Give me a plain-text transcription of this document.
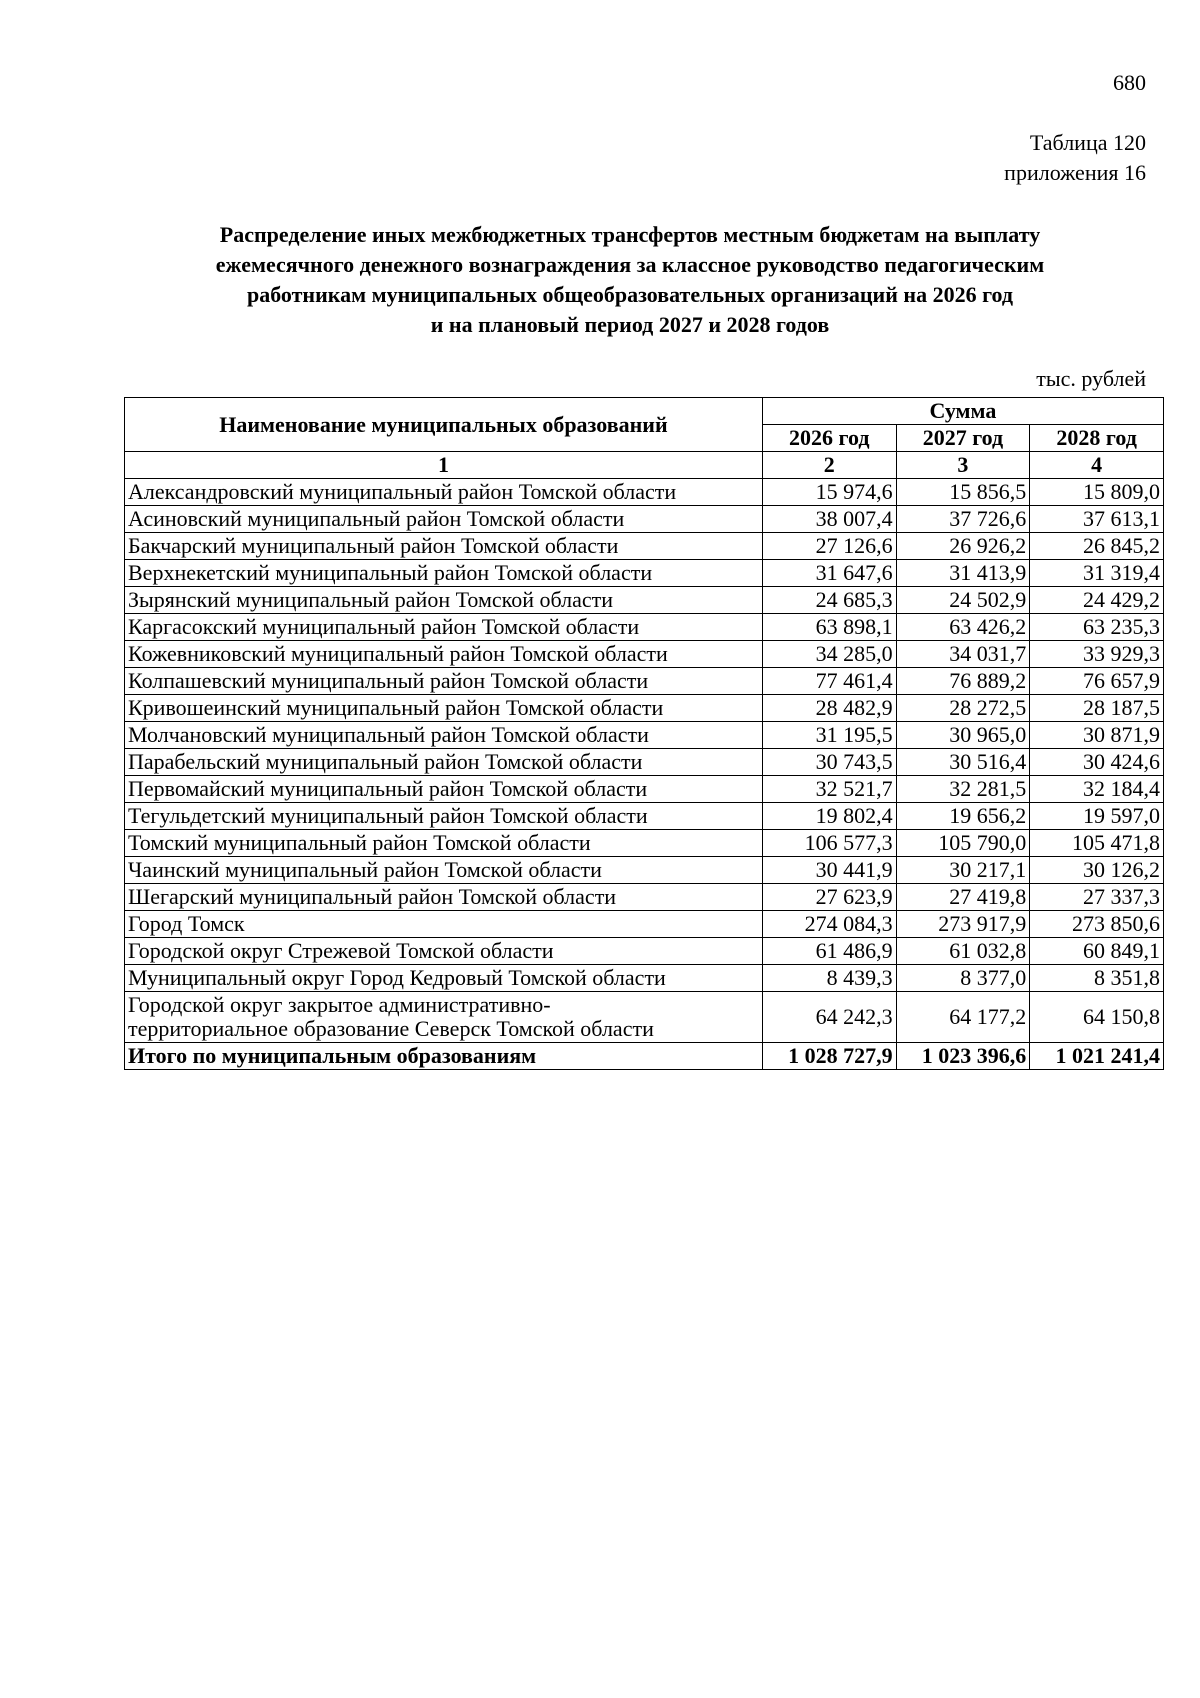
680
Таблица 120
приложения 16
Распределение иных межбюджетных трансфертов местным бюджетам на выплату
ежемесячного денежного вознаграждения за классное руководство педагогическим
работникам муниципальных общеобразовательных организаций на 2026 год
и на плановый период 2027 и 2028 годов
тыс. рублей
Наименование муниципальных образований	Сумма		
	2026 год	2027 год	2028 год
1	2	3	4
Александровский муниципальный район Томской области	15 974,6	15 856,5	15 809,0
Асиновский муниципальный район Томской области	38 007,4	37 726,6	37 613,1
Бакчарский муниципальный район Томской области	27 126,6	26 926,2	26 845,2
Верхнекетский муниципальный район Томской области	31 647,6	31 413,9	31 319,4
Зырянский муниципальный район Томской области	24 685,3	24 502,9	24 429,2
Каргасокский муниципальный район Томской области	63 898,1	63 426,2	63 235,3
Кожевниковский муниципальный район Томской области	34 285,0	34 031,7	33 929,3
Колпашевский муниципальный район Томской области	77 461,4	76 889,2	76 657,9
Кривошеинский муниципальный район Томской области	28 482,9	28 272,5	28 187,5
Молчановский муниципальный район Томской области	31 195,5	30 965,0	30 871,9
Парабельский муниципальный район Томской области	30 743,5	30 516,4	30 424,6
Первомайский муниципальный район Томской области	32 521,7	32 281,5	32 184,4
Тегульдетский муниципальный район Томской области	19 802,4	19 656,2	19 597,0
Томский муниципальный район Томской области	106 577,3	105 790,0	105 471,8
Чаинский муниципальный район Томской области	30 441,9	30 217,1	30 126,2
Шегарский муниципальный район Томской области	27 623,9	27 419,8	27 337,3
Город Томск	274 084,3	273 917,9	273 850,6
Городской округ Стрежевой Томской области	61 486,9	61 032,8	60 849,1
Муниципальный округ Город Кедровый Томской области	8 439,3	8 377,0	8 351,8

Городской округ закрытое административно-
территориальное образование Северск Томской области	64 242,3	64 177,2	64 150,8
Итого по муниципальным образованиям	1 028 727,9	1 023 396,6	1 021 241,4
